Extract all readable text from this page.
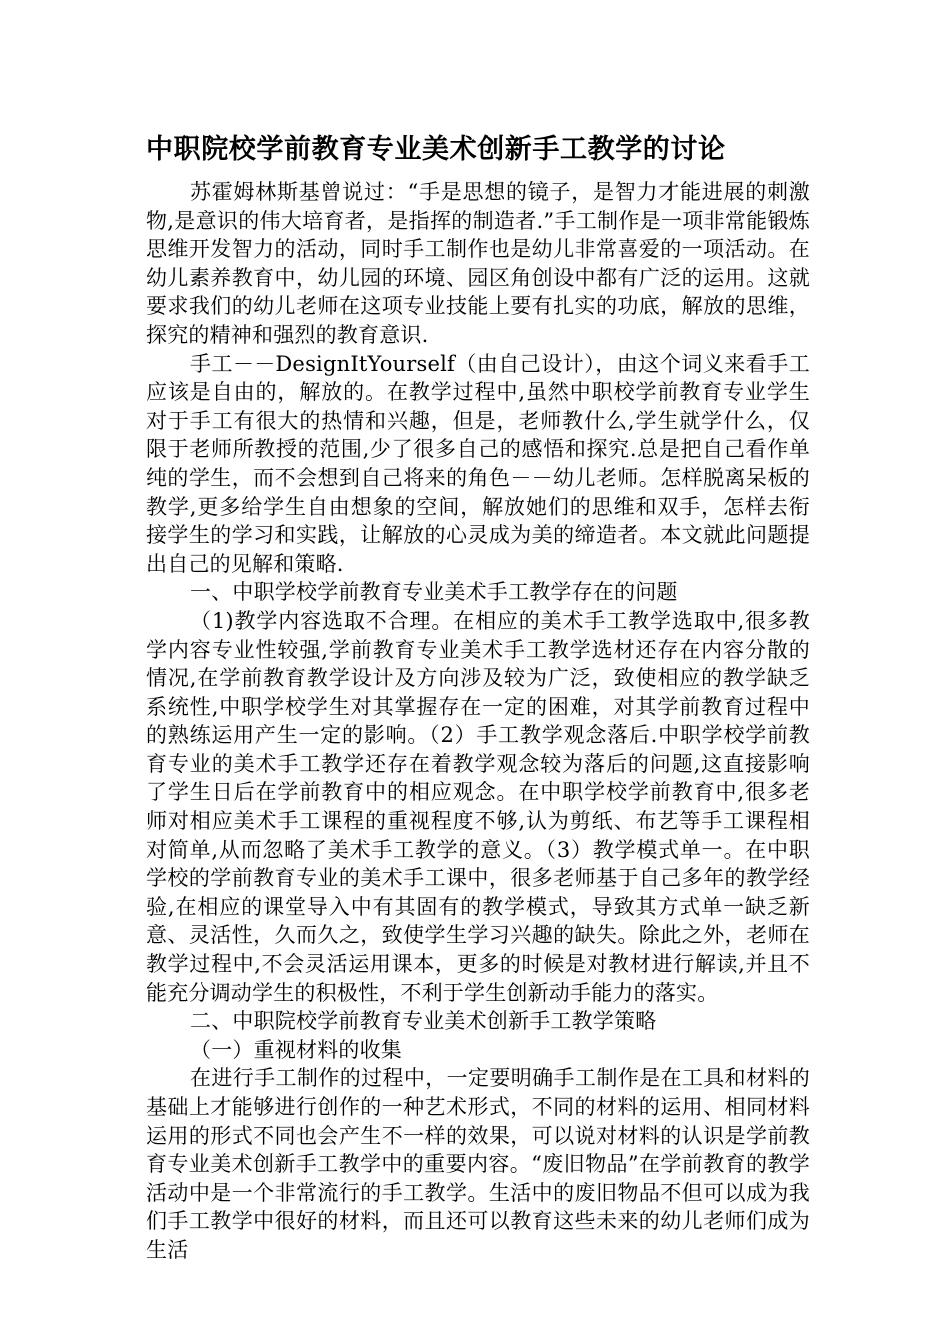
中职院校学前教育专业美术创新手工教学的讨论

苏霍姆林斯基曾说过：“手是思想的镜子，是智力才能进展的刺激物,是意识的伟大培育者，是指挥的制造者.”手工制作是一项非常能锻炼思维开发智力的活动，同时手工制作也是幼儿非常喜爱的一项活动。在幼儿素养教育中，幼儿园的环境、园区角创设中都有广泛的运用。这就要求我们的幼儿老师在这项专业技能上要有扎实的功底，解放的思维，探究的精神和强烈的教育意识.

手工－－DesignItYourself（由自己设计），由这个词义来看手工应该是自由的，解放的。在教学过程中,虽然中职校学前教育专业学生对于手工有很大的热情和兴趣，但是，老师教什么,学生就学什么，仅限于老师所教授的范围,少了很多自己的感悟和探究.总是把自己看作单纯的学生，而不会想到自己将来的角色－－幼儿老师。怎样脱离呆板的教学,更多给学生自由想象的空间，解放她们的思维和双手，怎样去衔接学生的学习和实践，让解放的心灵成为美的缔造者。本文就此问题提出自己的见解和策略.

一、中职学校学前教育专业美术手工教学存在的问题

（1)教学内容选取不合理。在相应的美术手工教学选取中,很多教学内容专业性较强,学前教育专业美术手工教学选材还存在内容分散的情况,在学前教育教学设计及方向涉及较为广泛，致使相应的教学缺乏系统性,中职学校学生对其掌握存在一定的困难，对其学前教育过程中的熟练运用产生一定的影响。（2）手工教学观念落后.中职学校学前教育专业的美术手工教学还存在着教学观念较为落后的问题,这直接影响了学生日后在学前教育中的相应观念。在中职学校学前教育中,很多老师对相应美术手工课程的重视程度不够,认为剪纸、布艺等手工课程相对简单,从而忽略了美术手工教学的意义。（3）教学模式单一。在中职学校的学前教育专业的美术手工课中，很多老师基于自己多年的教学经验,在相应的课堂导入中有其固有的教学模式，导致其方式单一缺乏新意、灵活性，久而久之，致使学生学习兴趣的缺失。除此之外，老师在教学过程中,不会灵活运用课本，更多的时候是对教材进行解读,并且不能充分调动学生的积极性，不利于学生创新动手能力的落实。

二、中职院校学前教育专业美术创新手工教学策略

（一）重视材料的收集

在进行手工制作的过程中，一定要明确手工制作是在工具和材料的基础上才能够进行创作的一种艺术形式，不同的材料的运用、相同材料运用的形式不同也会产生不一样的效果，可以说对材料的认识是学前教育专业美术创新手工教学中的重要内容。“废旧物品”在学前教育的教学活动中是一个非常流行的手工教学。生活中的废旧物品不但可以成为我们手工教学中很好的材料，而且还可以教育这些未来的幼儿老师们成为生活
